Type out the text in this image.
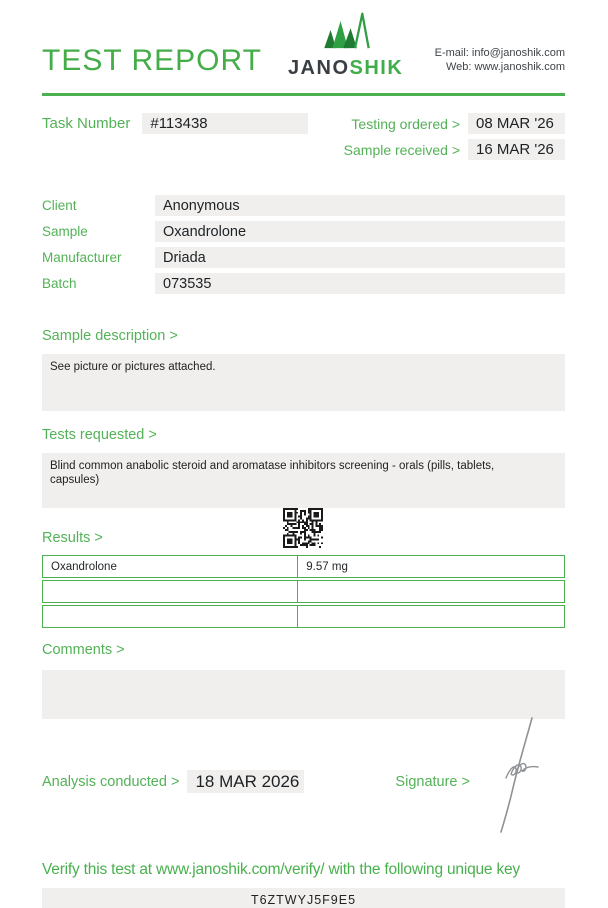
TEST REPORT JANOSHIK
E-mail: info@janoshik.com
Web: www.janoshik.com
Task Number	#113438	Testing ordered >	08 MAR '26
Sample received >	16 MAR '26
Client	Anonymous
Sample	Oxandrolone
Manufacturer	Driada
Batch	073535
Sample description >
See picture or pictures attached.
Tests requested >
Blind common anabolic steroid and aromatase inhibitors screening - orals (pills, tablets, capsules)
Results >
Oxandrolone	9.57 mg
Comments >
Analysis conducted > 18 MAR 2026	Signature >
Verify this test at www.janoshik.com/verify/ with the following unique key
T6ZTWYJ5F9E5
